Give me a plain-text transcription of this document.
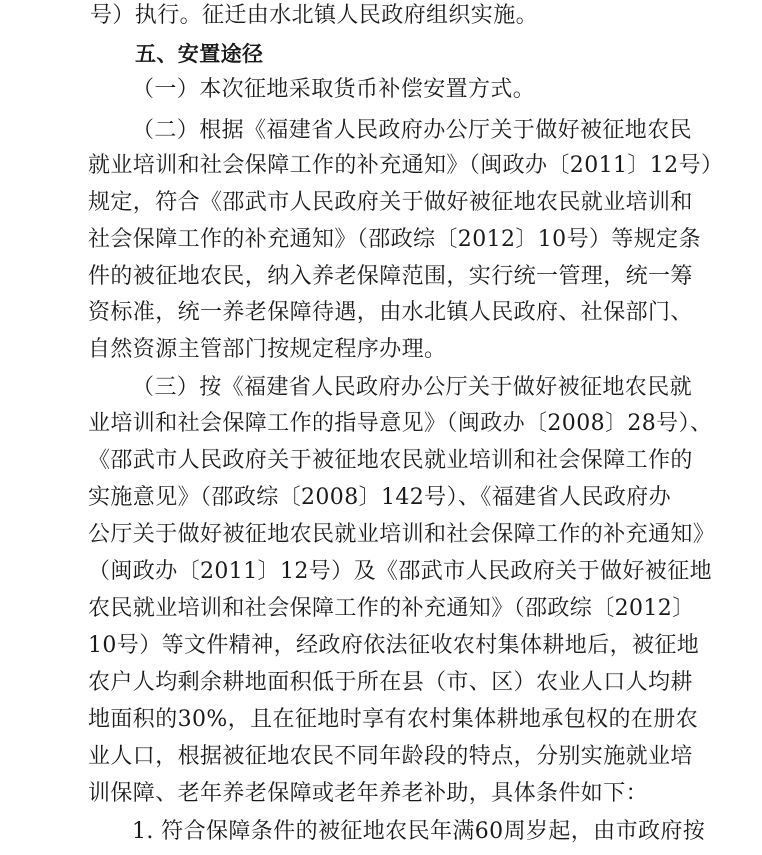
号）执行。征迁由水北镇人民政府组织实施。
五、安置途径
（一）本次征地采取货币补偿安置方式。
（二）根据《福建省人民政府办公厅关于做好被征地农民
就业培训和社会保障工作的补充通知》（闽政办〔2011〕12号）
规定，符合《邵武市人民政府关于做好被征地农民就业培训和
社会保障工作的补充通知》（邵政综〔2012〕10号）等规定条
件的被征地农民，纳入养老保障范围，实行统一管理，统一筹
资标准，统一养老保障待遇，由水北镇人民政府、社保部门、
自然资源主管部门按规定程序办理。
（三）按《福建省人民政府办公厅关于做好被征地农民就
业培训和社会保障工作的指导意见》（闽政办〔2008〕28号）、
《邵武市人民政府关于被征地农民就业培训和社会保障工作的
实施意见》（邵政综〔2008〕142号）、《福建省人民政府办
公厅关于做好被征地农民就业培训和社会保障工作的补充通知》
（闽政办〔2011〕12号）及《邵武市人民政府关于做好被征地
农民就业培训和社会保障工作的补充通知》（邵政综〔2012〕
10号）等文件精神，经政府依法征收农村集体耕地后，被征地
农户人均剩余耕地面积低于所在县（市、区）农业人口人均耕
地面积的30%，且在征地时享有农村集体耕地承包权的在册农
业人口，根据被征地农民不同年龄段的特点，分别实施就业培
训保障、老年养老保障或老年养老补助，具体条件如下：
1. 符合保障条件的被征地农民年满60周岁起，由市政府按
